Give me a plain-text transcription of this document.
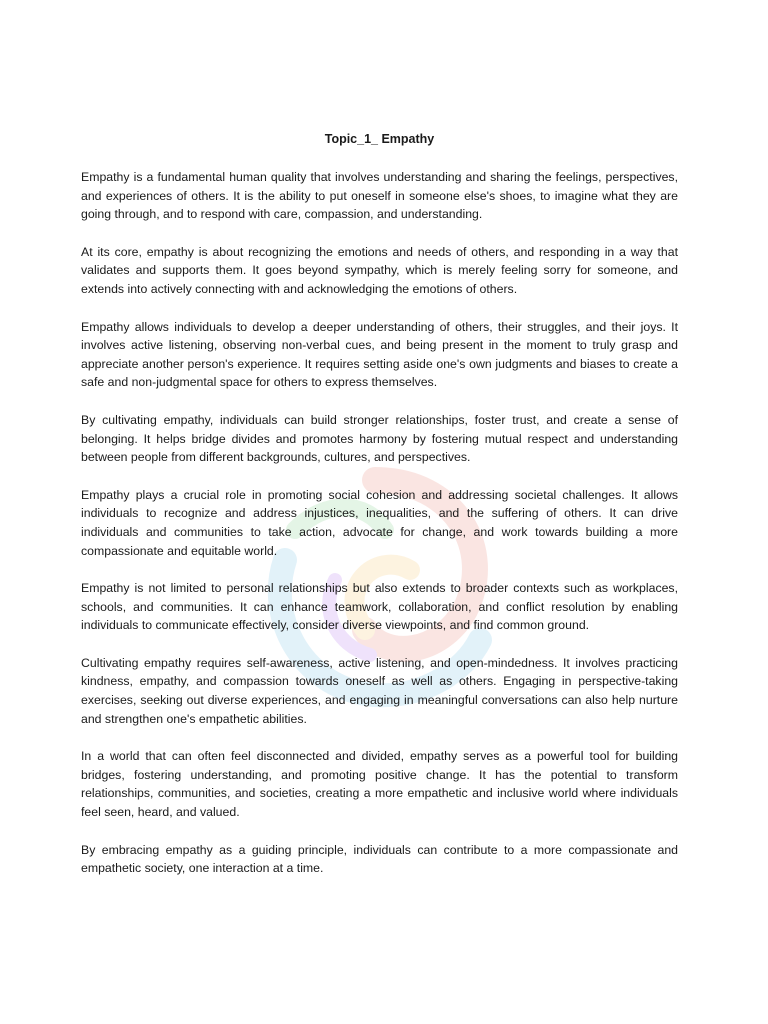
Topic_1_ Empathy

Empathy is a fundamental human quality that involves understanding and sharing the feelings, perspectives, and experiences of others. It is the ability to put oneself in someone else's shoes, to imagine what they are going through, and to respond with care, compassion, and understanding.

At its core, empathy is about recognizing the emotions and needs of others, and responding in a way that validates and supports them. It goes beyond sympathy, which is merely feeling sorry for someone, and extends into actively connecting with and acknowledging the emotions of others.

Empathy allows individuals to develop a deeper understanding of others, their struggles, and their joys. It involves active listening, observing non-verbal cues, and being present in the moment to truly grasp and appreciate another person's experience. It requires setting aside one's own judgments and biases to create a safe and non-judgmental space for others to express themselves.

By cultivating empathy, individuals can build stronger relationships, foster trust, and create a sense of belonging. It helps bridge divides and promotes harmony by fostering mutual respect and understanding between people from different backgrounds, cultures, and perspectives.

Empathy plays a crucial role in promoting social cohesion and addressing societal challenges. It allows individuals to recognize and address injustices, inequalities, and the suffering of others. It can drive individuals and communities to take action, advocate for change, and work towards building a more compassionate and equitable world.

Empathy is not limited to personal relationships but also extends to broader contexts such as workplaces, schools, and communities. It can enhance teamwork, collaboration, and conflict resolution by enabling individuals to communicate effectively, consider diverse viewpoints, and find common ground.

Cultivating empathy requires self-awareness, active listening, and open-mindedness. It involves practicing kindness, empathy, and compassion towards oneself as well as others. Engaging in perspective-taking exercises, seeking out diverse experiences, and engaging in meaningful conversations can also help nurture and strengthen one's empathetic abilities.

In a world that can often feel disconnected and divided, empathy serves as a powerful tool for building bridges, fostering understanding, and promoting positive change. It has the potential to transform relationships, communities, and societies, creating a more empathetic and inclusive world where individuals feel seen, heard, and valued.

By embracing empathy as a guiding principle, individuals can contribute to a more compassionate and empathetic society, one interaction at a time.
